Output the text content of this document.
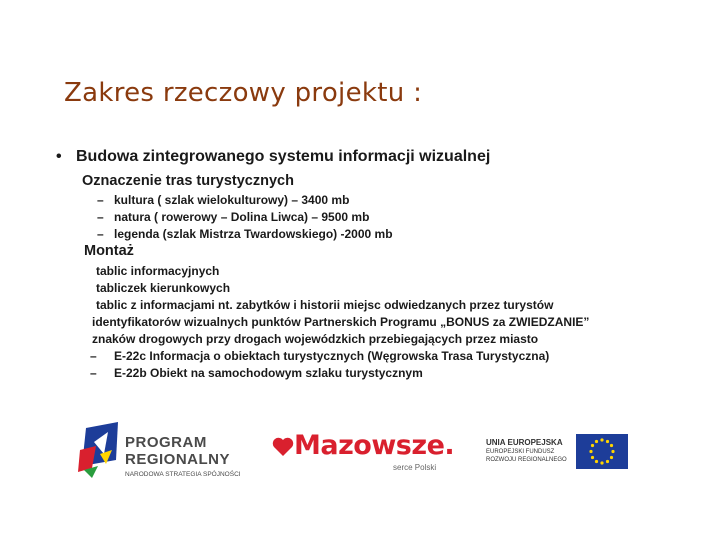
Zakres rzeczowy projektu :
• Budowa zintegrowanego systemu informacji wizualnej
Oznaczenie tras turystycznych
– kultura ( szlak wielokulturowy) – 3400 mb
– natura ( rowerowy – Dolina Liwca) – 9500 mb
– legenda (szlak Mistrza Twardowskiego) -2000 mb
Montaż
tablic informacyjnych
tabliczek kierunkowych
tablic z informacjami nt. zabytków i historii miejsc odwiedzanych przez turystów
identyfikatorów wizualnych punktów Partnerskich Programu „BONUS za ZWIEDZANIE”
znaków drogowych przy drogach wojewódzkich przebiegających przez miasto
– E-22c Informacja o obiektach turystycznych (Węgrowska Trasa Turystyczna)
– E-22b Obiekt na samochodowym szlaku turystycznym
PROGRAM
REGIONALNY
NARODOWA STRATEGIA SPÓJNOŚCI
Mazowsze.
serce Polski
UNIA EUROPEJSKA
EUROPEJSKI FUNDUSZ
ROZWOJU REGIONALNEGO
